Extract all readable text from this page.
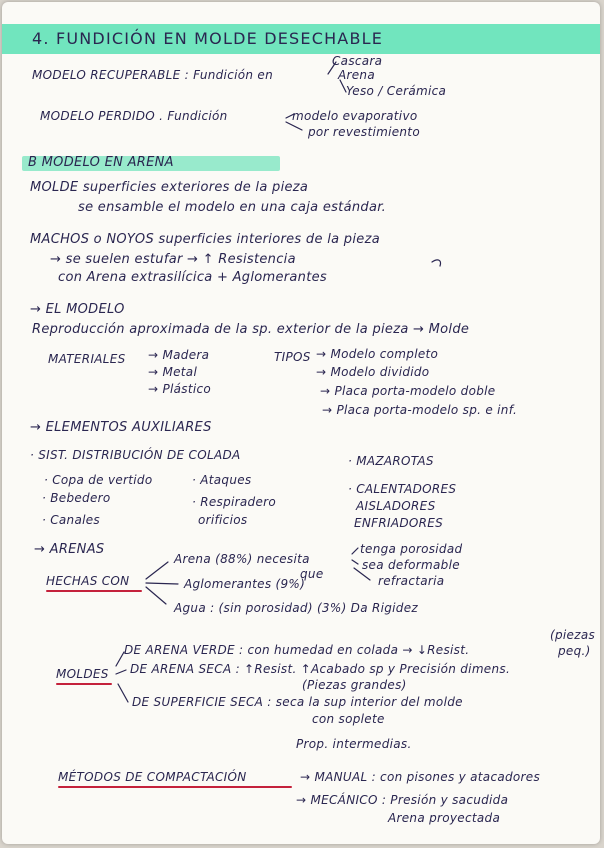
4. FUNDICIÓN EN MOLDE DESECHABLE
Cascara
MODELO RECUPERABLE : Fundición en	Arena
Yeso / Cerámica
MODELO PERDIDO . Fundición	modelo evaporativo
por revestimiento
B MODELO EN ARENA
MOLDE superficies exteriores de la pieza
se ensamble el modelo en una caja estándar.
MACHOS o NOYOS superficies interiores de la pieza
→ se suelen estufar → ↑ Resistencia
con Arena extrasilícica + Aglomerantes
→ EL MODELO
Reproducción aproximada de la sp. exterior de la pieza → Molde
MATERIALES → Madera
→ Metal
→ Plástico
TIPOS → Modelo completo
→ Modelo dividido
→ Placa porta-modelo doble
→ Placa porta-modelo sp. e inf.
→ ELEMENTOS AUXILIARES
· SIST. DISTRIBUCIÓN DE COLADA	· MAZAROTAS
· Copa de vertido	· Ataques
· CALENTADORES
· Bebedero	· Respiradero	AISLADORES
· Canales	orificios	ENFRIADORES
→ ARENAS	tenga porosidad
Arena (88%) necesita	sea deformable
que	refractaria
HECHAS CON	Aglomerantes (9%)
Agua : (sin porosidad) (3%) Da Rigidez
DE ARENA VERDE : con humedad en colada → ↓Resist.
(piezas
peq.)
MOLDES DE ARENA SECA : ↑Resist. ↑Acabado sp y Precisión dimens.
(Piezas grandes)
DE SUPERFICIE SECA : seca la sup interior del molde
con soplete
Prop. intermedias.
MÉTODOS DE COMPACTACIÓN	→ MANUAL : con pisones y atacadores
→ MECÁNICO : Presión y sacudida
Arena proyectada
